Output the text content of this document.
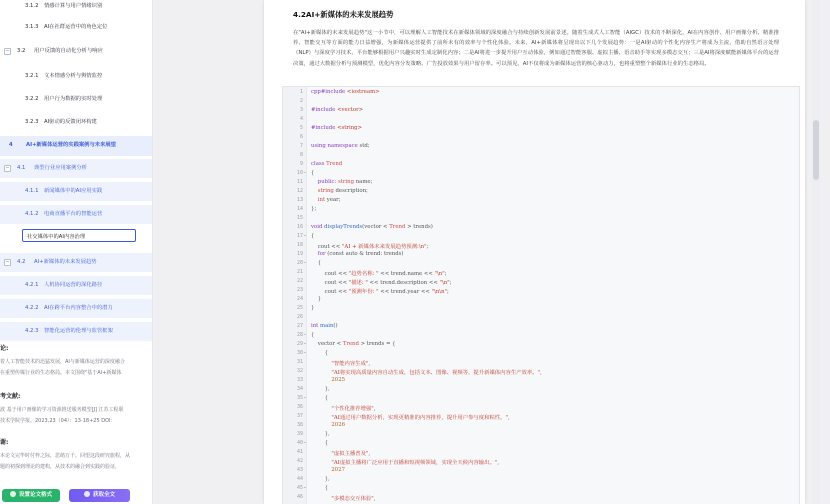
3.1.2 情感计算与用户情绪识别
3.1.3 AI在社群运营中的角色定位
− 3.2 用户反馈的自动化分析与响应
3.2.1 文本情感分析与舆情监控
3.2.2 用户行为数据的实时处理
3.2.3 AI驱动的反馈闭环构建
4	AI+新媒体运营的实践案例与未来展望
− 4.1 典型行业应用案例分析
4.1.1 新闻媒体中的AI应用实践
4.1.2 电商直播平台的智能运营
− 4.2 AI+新媒体的未来发展趋势
4.2.1 人机协同运营的深化路径
4.2.2 AI在跨平台内容整合中的潜力
4.2.3 智能化运营的伦理与监管框架
社交媒体中的AI内容治理
论:
着人工智能技术的迅猛发展，AI与新媒体运营的深度融合
在重塑传媒行业的生态格局。本文围绕"基于AI+新媒体
考文献:
波 基于用户画像的学习资源推送服务模型[J] 江苏工程职
技术学院学报。2023,23（04）：13-18+25 DOI：
谢:
本论文完毕时付梓之际，思绪万千。回望这段研究旅程，从
题的初探到理论的建构，从技术的融合到实践的验证，
设置论文格式	获取全文
4.2AI+新媒体的未来发展趋势
在"AI+新媒体的未来发展趋势"这一小节中，可以理解人工智能技术在新媒体领域的深度融合与持续创新发展前景述。随着生成式人工智能（AIGC）技术的不断深化，AI在内容创作、用户画像分析、精准推荐、智能交互等方面的能力日益增强，为新媒体运营提供了前所未有的效率与个性化体验。未来，AI+新媒体将呈现出以下几个发展趋势：一是AI驱动的个性化内容生产将成为主流，借助自然语言处理（NLP）与深度学习技术，平台能够根据用户兴趣实时生成定制化内容；二是AI将进一步提升用户互动体验，例如通过智能客服、虚拟主播、语音助手等实现多模态交互；三是AI将深度赋能新媒体平台的运营决策，通过大数据分析与预测模型，优化内容分发策略、广告投放效果与用户留存率。可以预见，AI不仅将成为新媒体运营的核心驱动力，也将重塑整个新媒体行业的生态格局。
1 cpp#include <iostream>
2
3 #include <vector>
4
5 #include <string>
6
7 using namespace std;
8
9 class Trend
10 ⌄ {
11	public: string name;
12	string description;
13	int year;
14 };
15
16 void displayTrends(vector < Trend > trends)
17 ⌄ {
18 cout << "AI + 新媒体未来发展趋势预测:\n";
19	for (const auto & trend: trends)
20 ⌄ {
21 cout << "趋势名称: " << trend.name << "\n";
22 cout << "描述: " << trend.description << "\n";
23 cout << "预测年份: " << trend.year << "\n\n";
24 }
25 }
26
27 int main()
28 ⌄ {
29 ⌄ vector < Trend > trends = {
30 ⌄ {
31	"智能内容生成",
32	"AI将实现高质量内容自动生成，包括文本、图像、视频等，提升新媒体内容生产效率。",
33	2025
34 },
35 ⌄ {
36	"个性化推荐增强",
37	"AI通过用户数据分析，实现更精准的内容推荐，提升用户参与度和粘性。",
38	2026
39 },
40 ⌄ {
41	"虚拟主播普及",
42	"AI虚拟主播将广泛应用于直播和短视频领域，实现全天候内容输出。",
43	2027
44 },
45 ⌄ {
46	"多模态交互体验",
